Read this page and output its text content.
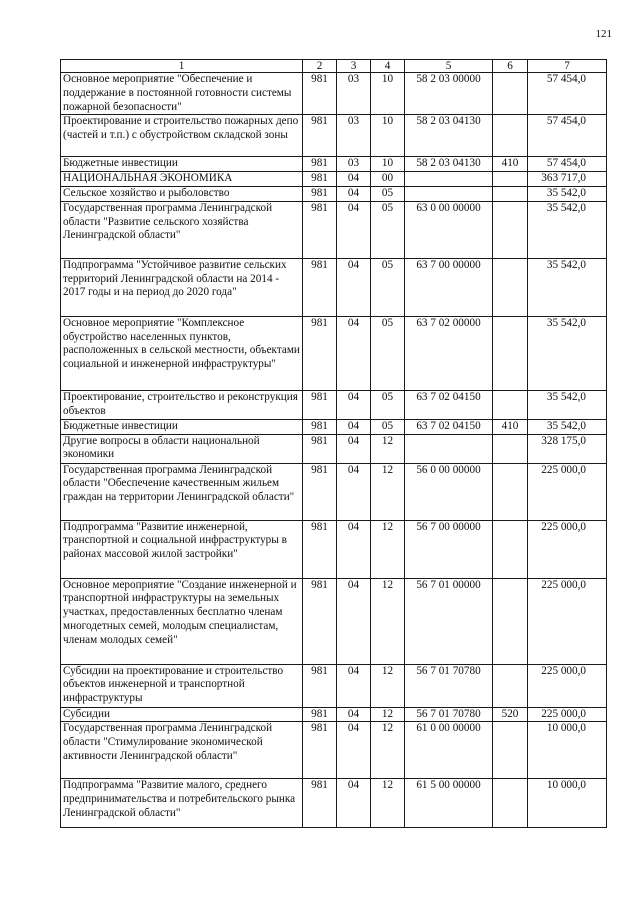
121
1	2	3	4	5	6	7
Основное мероприятие "Обеспечение и поддержание в постоянной готовности системы пожарной безопасности"	981	03	10	58 2 03 00000		57 454,0
Проектирование и строительство пожарных депо (частей и т.п.) с обустройством складской зоны	981	03	10	58 2 03 04130		57 454,0
Бюджетные инвестиции	981	03	10	58 2 03 04130	410	57 454,0
НАЦИОНАЛЬНАЯ ЭКОНОМИКА	981	04	00			363 717,0
Сельское хозяйство и рыболовство	981	04	05			35 542,0
Государственная программа Ленинградской области "Развитие сельского хозяйства Ленинградской области"	981	04	05	63 0 00 00000		35 542,0
Подпрограмма "Устойчивое развитие сельских территорий Ленинградской области на 2014 - 2017 годы и на период до 2020 года"	981	04	05	63 7 00 00000		35 542,0
Основное мероприятие "Комплексное обустройство населенных пунктов, расположенных в сельской местности, объектами социальной и инженерной инфраструктуры"	981	04	05	63 7 02 00000		35 542,0
Проектирование, строительство и реконструкция объектов	981	04	05	63 7 02 04150		35 542,0
Бюджетные инвестиции	981	04	05	63 7 02 04150	410	35 542,0
Другие вопросы в области национальной экономики	981	04	12			328 175,0
Государственная программа Ленинградской области "Обеспечение качественным жильем граждан на территории Ленинградской области"	981	04	12	56 0 00 00000		225 000,0
Подпрограмма "Развитие инженерной, транспортной и социальной инфраструктуры в районах массовой жилой застройки"	981	04	12	56 7 00 00000		225 000,0
Основное мероприятие "Создание инженерной и транспортной инфраструктуры на земельных участках, предоставленных бесплатно членам многодетных семей, молодым специалистам, членам молодых семей"	981	04	12	56 7 01 00000		225 000,0
Субсидии на проектирование и строительство объектов инженерной и транспортной инфраструктуры	981	04	12	56 7 01 70780		225 000,0
Субсидии	981	04	12	56 7 01 70780	520	225 000,0
Государственная программа Ленинградской области "Стимулирование экономической активности Ленинградской области"	981	04	12	61 0 00 00000		10 000,0
Подпрограмма "Развитие малого, среднего предпринимательства и потребительского рынка Ленинградской области"	981	04	12	61 5 00 00000		10 000,0
